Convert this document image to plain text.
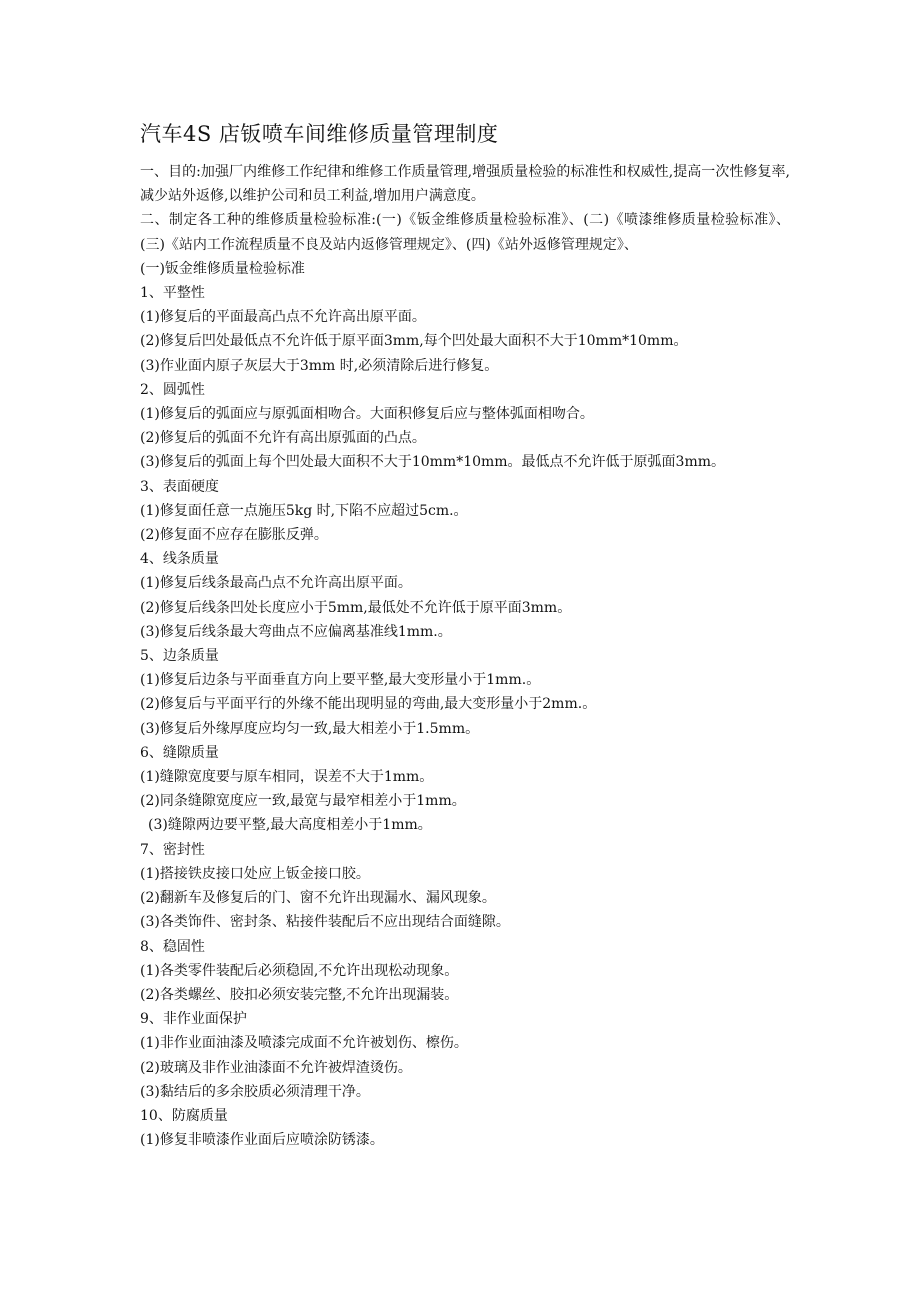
汽车4S 店钣喷车间维修质量管理制度

一、目的:加强厂内维修工作纪律和维修工作质量管理,增强质量检验的标准性和权威性,提高一次性修复率,减少站外返修,以维护公司和员工利益,增加用户满意度。

二、制定各工种的维修质量检验标准:(一)《钣金维修质量检验标准》、(二)《喷漆维修质量检验标准》、(三)《站内工作流程质量不良及站内返修管理规定》、(四)《站外返修管理规定》、

(一)钣金维修质量检验标准

1、平整性

(1)修复后的平面最高凸点不允许高出原平面。

(2)修复后凹处最低点不允许低于原平面3mm,每个凹处最大面积不大于10mm*10mm。

(3)作业面内原子灰层大于3mm 时,必须清除后进行修复。

2、圆弧性

(1)修复后的弧面应与原弧面相吻合。大面积修复后应与整体弧面相吻合。

(2)修复后的弧面不允许有高出原弧面的凸点。

(3)修复后的弧面上每个凹处最大面积不大于10mm*10mm。最低点不允许低于原弧面3mm。

3、表面硬度

(1)修复面任意一点施压5kg 时,下陷不应超过5cm.。

(2)修复面不应存在膨胀反弹。

4、线条质量

(1)修复后线条最高凸点不允许高出原平面。

(2)修复后线条凹处长度应小于5mm,最低处不允许低于原平面3mm。

(3)修复后线条最大弯曲点不应偏离基准线1mm.。

5、边条质量

(1)修复后边条与平面垂直方向上要平整,最大变形量小于1mm.。

(2)修复后与平面平行的外缘不能出现明显的弯曲,最大变形量小于2mm.。

(3)修复后外缘厚度应均匀一致,最大相差小于1.5mm。

6、缝隙质量

(1)缝隙宽度要与原车相同，误差不大于1mm。

(2)同条缝隙宽度应一致,最宽与最窄相差小于1mm。

(3)缝隙两边要平整,最大高度相差小于1mm。

7、密封性

(1)搭接铁皮接口处应上钣金接口胶。

(2)翻新车及修复后的门、窗不允许出现漏水、漏风现象。

(3)各类饰件、密封条、粘接件装配后不应出现结合面缝隙。

8、稳固性

(1)各类零件装配后必须稳固,不允许出现松动现象。

(2)各类螺丝、胶扣必须安装完整,不允许出现漏装。

9、非作业面保护

(1)非作业面油漆及喷漆完成面不允许被划伤、檫伤。

(2)玻璃及非作业油漆面不允许被焊渣烫伤。

(3)黏结后的多余胶质必须清理干净。

10、防腐质量

(1)修复非喷漆作业面后应喷涂防锈漆。
